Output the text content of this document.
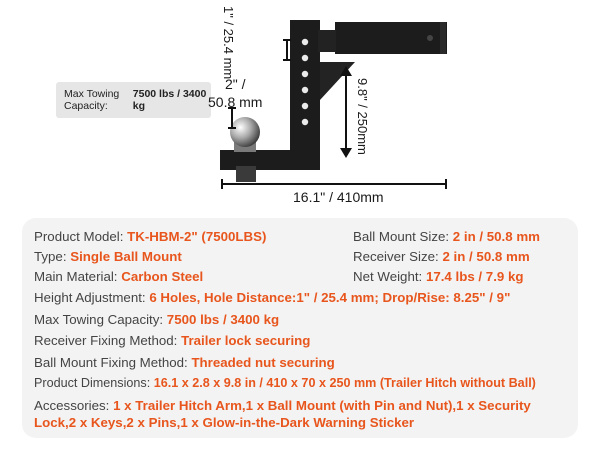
Max Towing Capacity:
7500 lbs / 3400 kg
1" / 25.4 mm
2" /
50.8 mm	9.8" / 250mm
16.1" / 410mm
Product Model: TK-HBM-2" (7500LBS)	Ball Mount Size: 2 in / 50.8 mm
Type: Single Ball Mount	Receiver Size: 2 in / 50.8 mm
Main Material: Carbon Steel	Net Weight: 17.4 lbs / 7.9 kg
Height Adjustment: 6 Holes, Hole Distance:1" / 25.4 mm; Drop/Rise: 8.25" / 9"
Max Towing Capacity: 7500 lbs / 3400 kg
Receiver Fixing Method: Trailer lock securing
Ball Mount Fixing Method: Threaded nut securing
Product Dimensions: 16.1 x 2.8 x 9.8 in / 410 x 70 x 250 mm (Trailer Hitch without Ball)
Accessories: 1 x Trailer Hitch Arm,1 x Ball Mount (with Pin and Nut),1 x Security Lock,2 x Keys,2 x Pins,1 x Glow-in-the-Dark Warning Sticker
